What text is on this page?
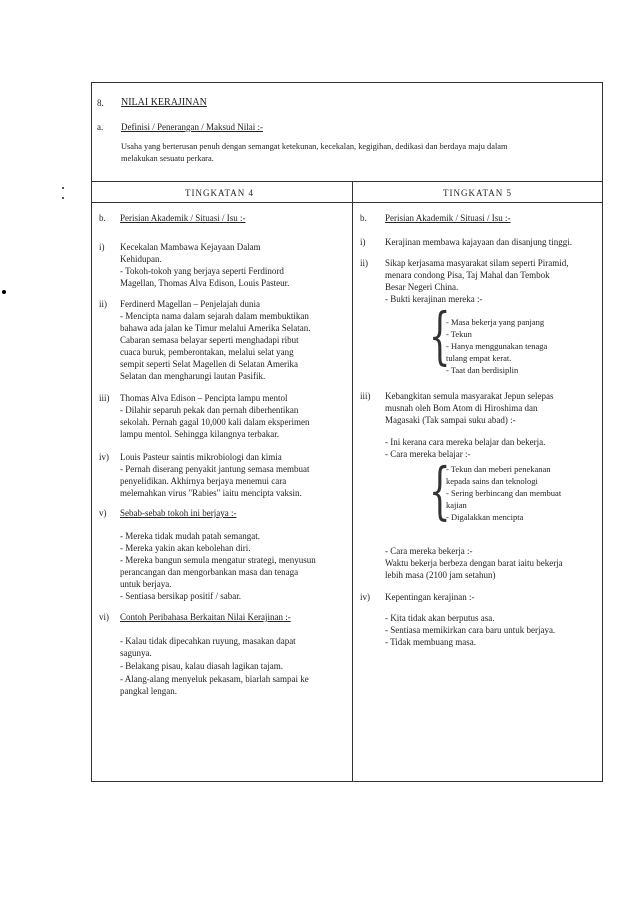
8. NILAI KERAJINAN
a. Definisi / Penerangan / Maksud Nilai :-
Usaha yang berterusan penuh dengan semangat ketekunan, kecekalan, kegigihan, dedikasi dan berdaya maju dalam
melakukan sesuatu perkara.
TINGKATAN 4	TINGKATAN 5
b. Perisian Akademik / Situasi / Isu :-
i) Kecekalan Mambawa Kejayaan Dalam
Kehidupan.
- Tokoh-tokoh yang berjaya seperti Ferdinord
Magellan, Thomas Alva Edison, Louis Pasteur.
ii) Ferdinerd Magellan – Penjelajah dunia
- Mencipta nama dalam sejarah dalam membuktikan
bahawa ada jalan ke Timur melalui Amerika Selatan.
Cabaran semasa belayar seperti menghadapi ribut
cuaca buruk, pemberontakan, melalui selat yang
sempit seperti Selat Magellen di Selatan Amerika
Selatan dan mengharungi lautan Pasifik.
iii) Thomas Alva Edison – Pencipta lampu mentol
- Dilahir separuh pekak dan pernah diberhentikan
sekolah. Pernah gagal 10,000 kali dalam eksperimen
lampu mentol. Sehingga kilangnya terbakar.
iv) Louis Pasteur saintis mikrobiologi dan kimia
- Pernah diserang penyakit jantung semasa membuat
penyelidikan. Akhirnya berjaya menemui cara
melemahkan virus "Rabies" iaitu mencipta vaksin.
v) Sebab-sebab tokoh ini berjaya :-
- Mereka tidak mudah patah semangat.
- Mereka yakin akan kebolehan diri.
- Mereka bangun semula mengatur strategi, menyusun
perancangan dan mengorbankan masa dan tenaga
untuk berjaya.
- Sentiasa bersikap positif / sabar.
vi) Contoh Peribahasa Berkaitan Nilai Kerajinan :-
- Kalau tidak dipecahkan ruyung, masakan dapat
sagunya.
- Belakang pisau, kalau diasah lagikan tajam.
- Alang-alang menyeluk pekasam, biarlah sampai ke
pangkal lengan.
b. Perisian Akademik / Situasi / Isu :-
i) Kerajinan membawa kajayaan dan disanjung tinggi.
ii) Sikap kerjasama masyarakat silam seperti Piramid,
menara condong Pisa, Taj Mahal dan Tembok
Besar Negeri China.
- Bukti kerajinan mereka :-
{
- Masa bekerja yang panjang
- Tekun
- Hanya menggunakan tenaga
tulang empat kerat.
- Taat dan berdisiplin
iii) Kebangkitan semula masyarakat Jepun selepas
musnah oleh Bom Atom di Hiroshima dan
Magasaki (Tak sampai suku abad) :-
- Ini kerana cara mereka belajar dan bekerja.
- Cara mereka belajar :-
{
- Tekun dan meberi penekanan
kepada sains dan teknologi
- Sering berbincang dan membuat
kajian
- Digalakkan mencipta
- Cara mereka bekerja :-
Waktu bekerja berbeza dengan barat iaitu bekerja
lebih masa (2100 jam setahun)
iv) Kepentingan kerajinan :-
- Kita tidak akan berputus asa.
- Sentiasa memikirkan cara baru untuk berjaya.
- Tidak membuang masa.
